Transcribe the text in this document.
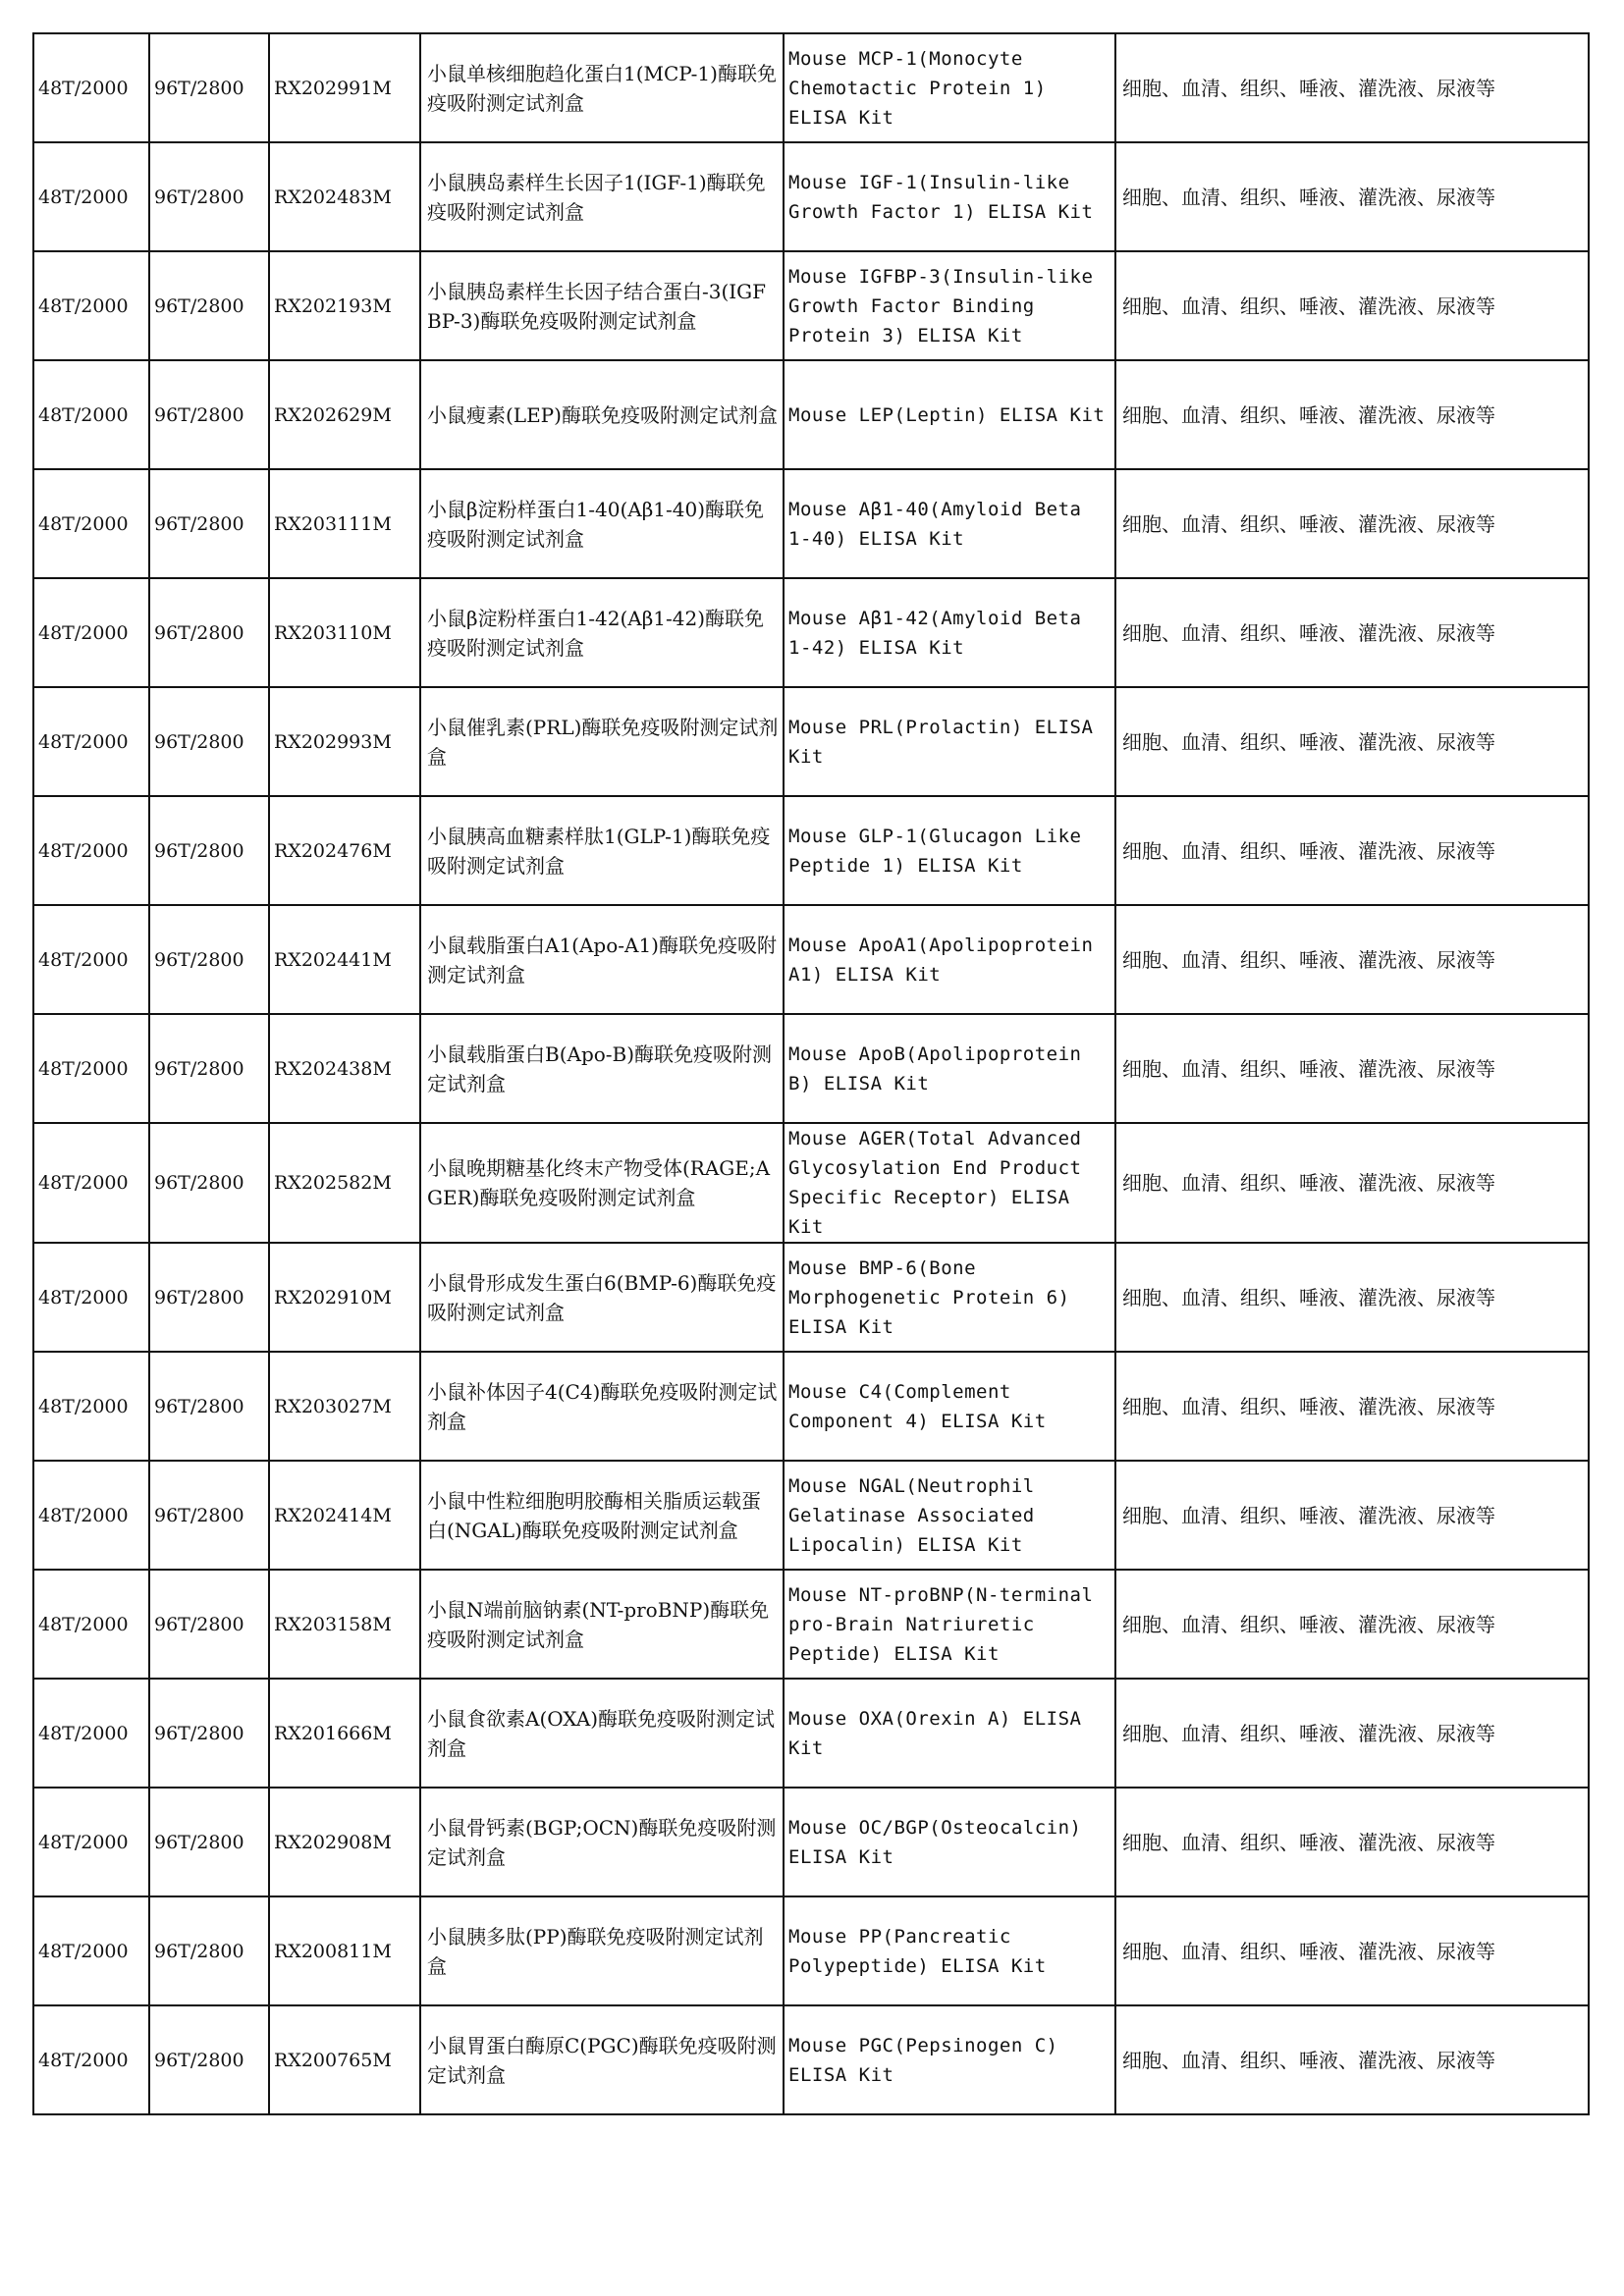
48T/2000	96T/2800	RX202991M	小鼠单核细胞趋化蛋白1(MCP-1)酶联免疫吸附测定试剂盒	Mouse MCP-1(Monocyte Chemotactic Protein 1) ELISA Kit	细胞、血清、组织、唾液、灌洗液、尿液等
48T/2000	96T/2800	RX202483M	小鼠胰岛素样生长因子1(IGF-1)酶联免疫吸附测定试剂盒	Mouse IGF-1(Insulin-like Growth Factor 1) ELISA Kit	细胞、血清、组织、唾液、灌洗液、尿液等
48T/2000	96T/2800	RX202193M	小鼠胰岛素样生长因子结合蛋白-3(IGFBP-3)酶联免疫吸附测定试剂盒	Mouse IGFBP-3(Insulin-like Growth Factor Binding Protein 3) ELISA Kit	细胞、血清、组织、唾液、灌洗液、尿液等
48T/2000	96T/2800	RX202629M	小鼠瘦素(LEP)酶联免疫吸附测定试剂盒	Mouse LEP(Leptin) ELISA Kit	细胞、血清、组织、唾液、灌洗液、尿液等
48T/2000	96T/2800	RX203111M	小鼠β淀粉样蛋白1-40(Aβ1-40)酶联免疫吸附测定试剂盒	Mouse Aβ1-40(Amyloid Beta 1-40) ELISA Kit	细胞、血清、组织、唾液、灌洗液、尿液等
48T/2000	96T/2800	RX203110M	小鼠β淀粉样蛋白1-42(Aβ1-42)酶联免疫吸附测定试剂盒	Mouse Aβ1-42(Amyloid Beta 1-42) ELISA Kit	细胞、血清、组织、唾液、灌洗液、尿液等
48T/2000	96T/2800	RX202993M	小鼠催乳素(PRL)酶联免疫吸附测定试剂盒	Mouse PRL(Prolactin) ELISA Kit	细胞、血清、组织、唾液、灌洗液、尿液等
48T/2000	96T/2800	RX202476M	小鼠胰高血糖素样肽1(GLP-1)酶联免疫吸附测定试剂盒	Mouse GLP-1(Glucagon Like Peptide 1) ELISA Kit	细胞、血清、组织、唾液、灌洗液、尿液等
48T/2000	96T/2800	RX202441M	小鼠载脂蛋白A1(Apo-A1)酶联免疫吸附测定试剂盒	Mouse ApoA1(Apolipoprotein A1) ELISA Kit	细胞、血清、组织、唾液、灌洗液、尿液等
48T/2000	96T/2800	RX202438M	小鼠载脂蛋白B(Apo-B)酶联免疫吸附测定试剂盒	Mouse ApoB(Apolipoprotein B) ELISA Kit	细胞、血清、组织、唾液、灌洗液、尿液等
48T/2000	96T/2800	RX202582M	小鼠晚期糖基化终末产物受体(RAGE;AGER)酶联免疫吸附测定试剂盒	Mouse AGER(Total Advanced Glycosylation End Product Specific Receptor) ELISA Kit	细胞、血清、组织、唾液、灌洗液、尿液等
48T/2000	96T/2800	RX202910M	小鼠骨形成发生蛋白6(BMP-6)酶联免疫吸附测定试剂盒	Mouse BMP-6(Bone Morphogenetic Protein 6) ELISA Kit	细胞、血清、组织、唾液、灌洗液、尿液等
48T/2000	96T/2800	RX203027M	小鼠补体因子4(C4)酶联免疫吸附测定试剂盒	Mouse C4(Complement Component 4) ELISA Kit	细胞、血清、组织、唾液、灌洗液、尿液等
48T/2000	96T/2800	RX202414M	小鼠中性粒细胞明胶酶相关脂质运载蛋白(NGAL)酶联免疫吸附测定试剂盒	Mouse NGAL(Neutrophil Gelatinase Associated Lipocalin) ELISA Kit	细胞、血清、组织、唾液、灌洗液、尿液等
48T/2000	96T/2800	RX203158M	小鼠N端前脑钠素(NT-proBNP)酶联免疫吸附测定试剂盒	Mouse NT-proBNP(N-terminal pro-Brain Natriuretic Peptide) ELISA Kit	细胞、血清、组织、唾液、灌洗液、尿液等
48T/2000	96T/2800	RX201666M	小鼠食欲素A(OXA)酶联免疫吸附测定试剂盒	Mouse OXA(Orexin A) ELISA Kit	细胞、血清、组织、唾液、灌洗液、尿液等
48T/2000	96T/2800	RX202908M	小鼠骨钙素(BGP;OCN)酶联免疫吸附测定试剂盒	Mouse OC/BGP(Osteocalcin) ELISA Kit	细胞、血清、组织、唾液、灌洗液、尿液等
48T/2000	96T/2800	RX200811M	小鼠胰多肽(PP)酶联免疫吸附测定试剂盒	Mouse PP(Pancreatic Polypeptide) ELISA Kit	细胞、血清、组织、唾液、灌洗液、尿液等
48T/2000	96T/2800	RX200765M	小鼠胃蛋白酶原C(PGC)酶联免疫吸附测定试剂盒	Mouse PGC(Pepsinogen C) ELISA Kit	细胞、血清、组织、唾液、灌洗液、尿液等
